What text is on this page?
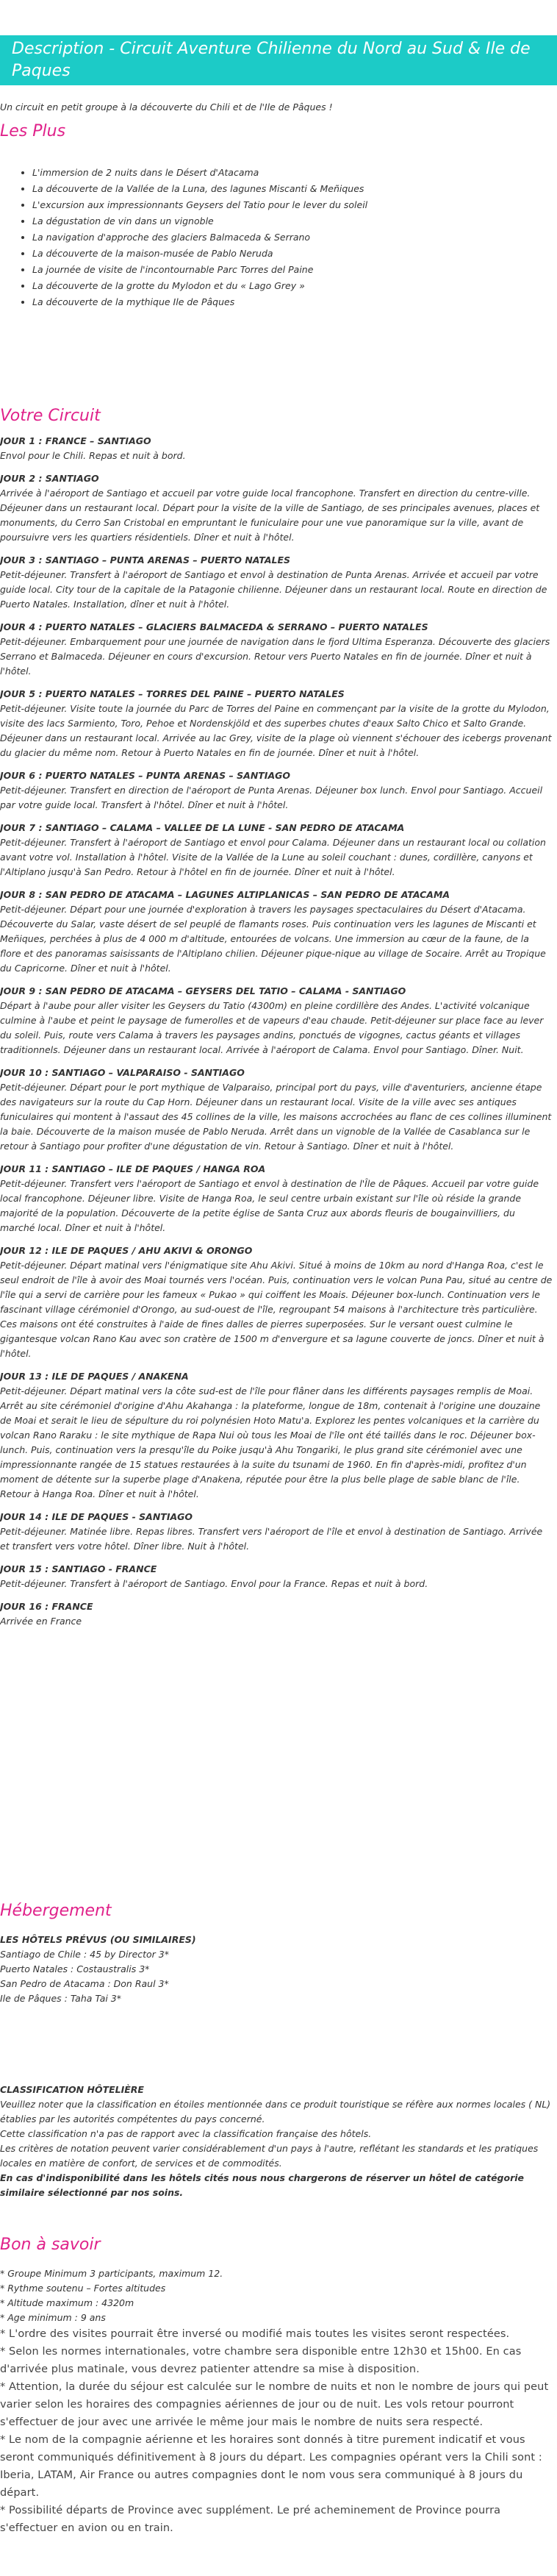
Description - Circuit Aventure Chilienne du Nord au Sud & Ile de Paques
Un circuit en petit groupe à la découverte du Chili et de l'Ile de Pâques !
Les Plus
• L'immersion de 2 nuits dans le Désert d'Atacama
• La découverte de la Vallée de la Luna, des lagunes Miscanti & Meñiques
• L'excursion aux impressionnants Geysers del Tatio pour le lever du soleil
• La dégustation de vin dans un vignoble
• La navigation d'approche des glaciers Balmaceda & Serrano
• La découverte de la maison-musée de Pablo Neruda
• La journée de visite de l'incontournable Parc Torres del Paine
• La découverte de la grotte du Mylodon et du « Lago Grey »
• La découverte de la mythique Ile de Pâques
Votre Circuit
JOUR 1 : FRANCE – SANTIAGO
Envol pour le Chili. Repas et nuit à bord.
JOUR 2 : SANTIAGO
Arrivée à l'aéroport de Santiago et accueil par votre guide local francophone. Transfert en direction du centre-ville. Déjeuner dans un restaurant local. Départ pour la visite de la ville de Santiago, de ses principales avenues, places et monuments, du Cerro San Cristobal en empruntant le funiculaire pour une vue panoramique sur la ville, avant de poursuivre vers les quartiers résidentiels. Dîner et nuit à l'hôtel.
JOUR 3 : SANTIAGO – PUNTA ARENAS – PUERTO NATALES
Petit-déjeuner. Transfert à l'aéroport de Santiago et envol à destination de Punta Arenas. Arrivée et accueil par votre guide local. City tour de la capitale de la Patagonie chilienne. Déjeuner dans un restaurant local. Route en direction de Puerto Natales. Installation, dîner et nuit à l'hôtel.
JOUR 4 : PUERTO NATALES – GLACIERS BALMACEDA & SERRANO – PUERTO NATALES
Petit-déjeuner. Embarquement pour une journée de navigation dans le fjord Ultima Esperanza. Découverte des glaciers Serrano et Balmaceda. Déjeuner en cours d'excursion. Retour vers Puerto Natales en fin de journée. Dîner et nuit à l'hôtel.
JOUR 5 : PUERTO NATALES – TORRES DEL PAINE – PUERTO NATALES
Petit-déjeuner. Visite toute la journée du Parc de Torres del Paine en commençant par la visite de la grotte du Mylodon, visite des lacs Sarmiento, Toro, Pehoe et Nordenskjöld et des superbes chutes d'eaux Salto Chico et Salto Grande. Déjeuner dans un restaurant local. Arrivée au lac Grey, visite de la plage où viennent s'échouer des icebergs provenant du glacier du même nom. Retour à Puerto Natales en fin de journée. Dîner et nuit à l'hôtel.
JOUR 6 : PUERTO NATALES – PUNTA ARENAS – SANTIAGO
Petit-déjeuner. Transfert en direction de l'aéroport de Punta Arenas. Déjeuner box lunch. Envol pour Santiago. Accueil par votre guide local. Transfert à l'hôtel. Dîner et nuit à l'hôtel.
JOUR 7 : SANTIAGO – CALAMA – VALLEE DE LA LUNE - SAN PEDRO DE ATACAMA
Petit-déjeuner. Transfert à l'aéroport de Santiago et envol pour Calama. Déjeuner dans un restaurant local ou collation avant votre vol. Installation à l'hôtel. Visite de la Vallée de la Lune au soleil couchant : dunes, cordillère, canyons et l'Altiplano jusqu'à San Pedro. Retour à l'hôtel en fin de journée. Dîner et nuit à l'hôtel.
JOUR 8 : SAN PEDRO DE ATACAMA – LAGUNES ALTIPLANICAS – SAN PEDRO DE ATACAMA
Petit-déjeuner. Départ pour une journée d'exploration à travers les paysages spectaculaires du Désert d'Atacama. Découverte du Salar, vaste désert de sel peuplé de flamants roses. Puis continuation vers les lagunes de Miscanti et Meñiques, perchées à plus de 4 000 m d'altitude, entourées de volcans. Une immersion au cœur de la faune, de la flore et des panoramas saisissants de l'Altiplano chilien. Déjeuner pique-nique au village de Socaire. Arrêt au Tropique du Capricorne. Dîner et nuit à l'hôtel.
JOUR 9 : SAN PEDRO DE ATACAMA – GEYSERS DEL TATIO – CALAMA - SANTIAGO
Départ à l'aube pour aller visiter les Geysers du Tatio (4300m) en pleine cordillère des Andes. L'activité volcanique culmine à l'aube et peint le paysage de fumerolles et de vapeurs d'eau chaude. Petit-déjeuner sur place face au lever du soleil. Puis, route vers Calama à travers les paysages andins, ponctués de vigognes, cactus géants et villages traditionnels. Déjeuner dans un restaurant local. Arrivée à l'aéroport de Calama. Envol pour Santiago. Dîner. Nuit.
JOUR 10 : SANTIAGO – VALPARAISO - SANTIAGO
Petit-déjeuner. Départ pour le port mythique de Valparaiso, principal port du pays, ville d'aventuriers, ancienne étape des navigateurs sur la route du Cap Horn. Déjeuner dans un restaurant local. Visite de la ville avec ses antiques funiculaires qui montent à l'assaut des 45 collines de la ville, les maisons accrochées au flanc de ces collines illuminent la baie. Découverte de la maison musée de Pablo Neruda. Arrêt dans un vignoble de la Vallée de Casablanca sur le retour à Santiago pour profiter d'une dégustation de vin. Retour à Santiago. Dîner et nuit à l'hôtel.
JOUR 11 : SANTIAGO – ILE DE PAQUES / HANGA ROA
Petit-déjeuner. Transfert vers l'aéroport de Santiago et envol à destination de l'Île de Pâques. Accueil par votre guide local francophone. Déjeuner libre. Visite de Hanga Roa, le seul centre urbain existant sur l'île où réside la grande majorité de la population. Découverte de la petite église de Santa Cruz aux abords fleuris de bougainvilliers, du marché local. Dîner et nuit à l'hôtel.
JOUR 12 : ILE DE PAQUES / AHU AKIVI & ORONGO
Petit-déjeuner. Départ matinal vers l'énigmatique site Ahu Akivi. Situé à moins de 10km au nord d'Hanga Roa, c'est le seul endroit de l'île à avoir des Moai tournés vers l'océan. Puis, continuation vers le volcan Puna Pau, situé au centre de l'île qui a servi de carrière pour les fameux « Pukao » qui coiffent les Moais. Déjeuner box-lunch. Continuation vers le fascinant village cérémoniel d'Orongo, au sud-ouest de l'île, regroupant 54 maisons à l'architecture très particulière. Ces maisons ont été construites à l'aide de fines dalles de pierres superposées. Sur le versant ouest culmine le gigantesque volcan Rano Kau avec son cratère de 1500 m d'envergure et sa lagune couverte de joncs. Dîner et nuit à l'hôtel.
JOUR 13 : ILE DE PAQUES / ANAKENA
Petit-déjeuner. Départ matinal vers la côte sud-est de l'île pour flâner dans les différents paysages remplis de Moai. Arrêt au site cérémoniel d'origine d'Ahu Akahanga : la plateforme, longue de 18m, contenait à l'origine une douzaine de Moai et serait le lieu de sépulture du roi polynésien Hoto Matu'a. Explorez les pentes volcaniques et la carrière du volcan Rano Raraku : le site mythique de Rapa Nui où tous les Moai de l'île ont été taillés dans le roc. Déjeuner box-lunch. Puis, continuation vers la presqu'île du Poike jusqu'à Ahu Tongariki, le plus grand site cérémoniel avec une impressionnante rangée de 15 statues restaurées à la suite du tsunami de 1960. En fin d'après-midi, profitez d'un moment de détente sur la superbe plage d'Anakena, réputée pour être la plus belle plage de sable blanc de l'île. Retour à Hanga Roa. Dîner et nuit à l'hôtel.
JOUR 14 : ILE DE PAQUES - SANTIAGO
Petit-déjeuner. Matinée libre. Repas libres. Transfert vers l'aéroport de l'île et envol à destination de Santiago. Arrivée et transfert vers votre hôtel. Dîner libre. Nuit à l'hôtel.
JOUR 15 : SANTIAGO - FRANCE
Petit-déjeuner. Transfert à l'aéroport de Santiago. Envol pour la France. Repas et nuit à bord.
JOUR 16 : FRANCE
Arrivée en France
Hébergement
LES HÔTELS PRÉVUS (OU SIMILAIRES)
Santiago de Chile : 45 by Director 3*
Puerto Natales : Costaustralis 3*
San Pedro de Atacama : Don Raul 3*
Ile de Pâques : Taha Tai 3*
CLASSIFICATION HÔTELIÈRE
Veuillez noter que la classification en étoiles mentionnée dans ce produit touristique se réfère aux normes locales ( NL) établies par les autorités compétentes du pays concerné.
Cette classification n'a pas de rapport avec la classification française des hôtels.
Les critères de notation peuvent varier considérablement d'un pays à l'autre, reflétant les standards et les pratiques locales en matière de confort, de services et de commodités.
En cas d'indisponibilité dans les hôtels cités nous nous chargerons de réserver un hôtel de catégorie similaire sélectionné par nos soins.
Bon à savoir
* Groupe Minimum 3 participants, maximum 12.
* Rythme soutenu – Fortes altitudes
* Altitude maximum : 4320m
* Age minimum : 9 ans
* L'ordre des visites pourrait être inversé ou modifié mais toutes les visites seront respectées.
* Selon les normes internationales, votre chambre sera disponible entre 12h30 et 15h00. En cas d'arrivée plus matinale, vous devrez patienter attendre sa mise à disposition.
* Attention, la durée du séjour est calculée sur le nombre de nuits et non le nombre de jours qui peut varier selon les horaires des compagnies aériennes de jour ou de nuit. Les vols retour pourront s'effectuer de jour avec une arrivée le même jour mais le nombre de nuits sera respecté.
* Le nom de la compagnie aérienne et les horaires sont donnés à titre purement indicatif et vous seront communiqués définitivement à 8 jours du départ. Les compagnies opérant vers la Chili sont : Iberia, LATAM, Air France ou autres compagnies dont le nom vous sera communiqué à 8 jours du départ.
* Possibilité départs de Province avec supplément. Le pré acheminement de Province pourra s'effectuer en avion ou en train.
